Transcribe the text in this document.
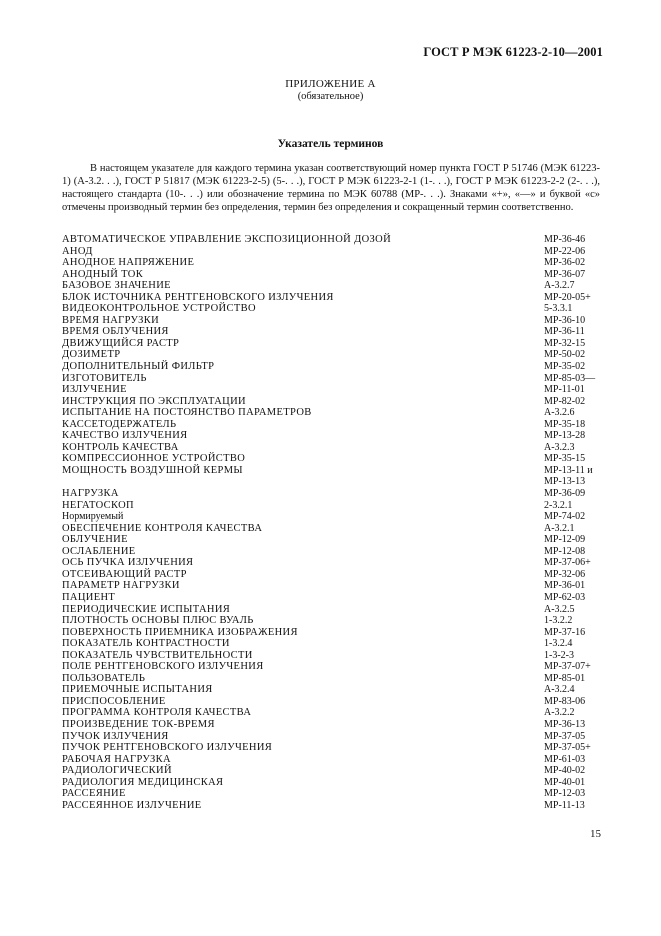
ГОСТ Р МЭК 61223-2-10—2001
ПРИЛОЖЕНИЕ А
(обязательное)
Указатель терминов

В настоящем указателе для каждого термина указан соответствующий номер пункта ГОСТ Р 51746 (МЭК 61223-1) (А-3.2. . .), ГОСТ Р 51817 (МЭК 61223-2-5) (5-. . .), ГОСТ Р МЭК 61223-2-1 (1-. . .), ГОСТ Р МЭК 61223-2-2 (2-. . .), настоящего стандарта (10-. . .) или обозначение термина по МЭК 60788 (МР-. . .). Знаками «+», «—» и буквой «с» отмечены производный термин без определения, термин без определения и сокращенный термин соответственно.

АВТОМАТИЧЕСКОЕ УПРАВЛЕНИЕ ЭКСПОЗИЦИОННОЙ ДОЗОЙ	МР-36-46
АНОД	МР-22-06
АНОДНОЕ НАПРЯЖЕНИЕ	МР-36-02
АНОДНЫЙ ТОК	МР-36-07
БАЗОВОЕ ЗНАЧЕНИЕ	А-3.2.7
БЛОК ИСТОЧНИКА РЕНТГЕНОВСКОГО ИЗЛУЧЕНИЯ	МР-20-05+
ВИДЕОКОНТРОЛЬНОЕ УСТРОЙСТВО	5-3.3.1
ВРЕМЯ НАГРУЗКИ	МР-36-10
ВРЕМЯ ОБЛУЧЕНИЯ	МР-36-11
ДВИЖУЩИЙСЯ РАСТР	МР-32-15
ДОЗИМЕТР	МР-50-02
ДОПОЛНИТЕЛЬНЫЙ ФИЛЬТР	МР-35-02
ИЗГОТОВИТЕЛЬ	МР-85-03—
ИЗЛУЧЕНИЕ	МР-11-01
ИНСТРУКЦИЯ ПО ЭКСПЛУАТАЦИИ	МР-82-02
ИСПЫТАНИЕ НА ПОСТОЯНСТВО ПАРАМЕТРОВ	А-3.2.6
КАССЕТОДЕРЖАТЕЛЬ	МР-35-18
КАЧЕСТВО ИЗЛУЧЕНИЯ	МР-13-28
КОНТРОЛЬ КАЧЕСТВА	А-3.2.3
КОМПРЕССИОННОЕ УСТРОЙСТВО	МР-35-15
МОЩНОСТЬ ВОЗДУШНОЙ КЕРМЫ	МР-13-11 и
МР-13-13
НАГРУЗКА	МР-36-09
НЕГАТОСКОП	2-3.2.1
Нормируемый	МР-74-02
ОБЕСПЕЧЕНИЕ КОНТРОЛЯ КАЧЕСТВА	А-3.2.1
ОБЛУЧЕНИЕ	МР-12-09
ОСЛАБЛЕНИЕ	МР-12-08
ОСЬ ПУЧКА ИЗЛУЧЕНИЯ	МР-37-06+
ОТСЕИВАЮЩИЙ РАСТР	МР-32-06
ПАРАМЕТР НАГРУЗКИ	МР-36-01
ПАЦИЕНТ	МР-62-03
ПЕРИОДИЧЕСКИЕ ИСПЫТАНИЯ	А-3.2.5
ПЛОТНОСТЬ ОСНОВЫ ПЛЮС ВУАЛЬ	1-3.2.2
ПОВЕРХНОСТЬ ПРИЕМНИКА ИЗОБРАЖЕНИЯ	МР-37-16
ПОКАЗАТЕЛЬ КОНТРАСТНОСТИ	1-3.2.4
ПОКАЗАТЕЛЬ ЧУВСТВИТЕЛЬНОСТИ	1-3-2-3
ПОЛЕ РЕНТГЕНОВСКОГО ИЗЛУЧЕНИЯ	МР-37-07+
ПОЛЬЗОВАТЕЛЬ	МР-85-01
ПРИЕМОЧНЫЕ ИСПЫТАНИЯ	А-3.2.4
ПРИСПОСОБЛЕНИЕ	МР-83-06
ПРОГРАММА КОНТРОЛЯ КАЧЕСТВА	А-3.2.2
ПРОИЗВЕДЕНИЕ ТОК-ВРЕМЯ	МР-36-13
ПУЧОК ИЗЛУЧЕНИЯ	МР-37-05
ПУЧОК РЕНТГЕНОВСКОГО ИЗЛУЧЕНИЯ	МР-37-05+
РАБОЧАЯ НАГРУЗКА	МР-61-03
РАДИОЛОГИЧЕСКИЙ	МР-40-02
РАДИОЛОГИЯ МЕДИЦИНСКАЯ	МР-40-01
РАССЕЯНИЕ	МР-12-03
РАССЕЯННОЕ ИЗЛУЧЕНИЕ	МР-11-13
15
